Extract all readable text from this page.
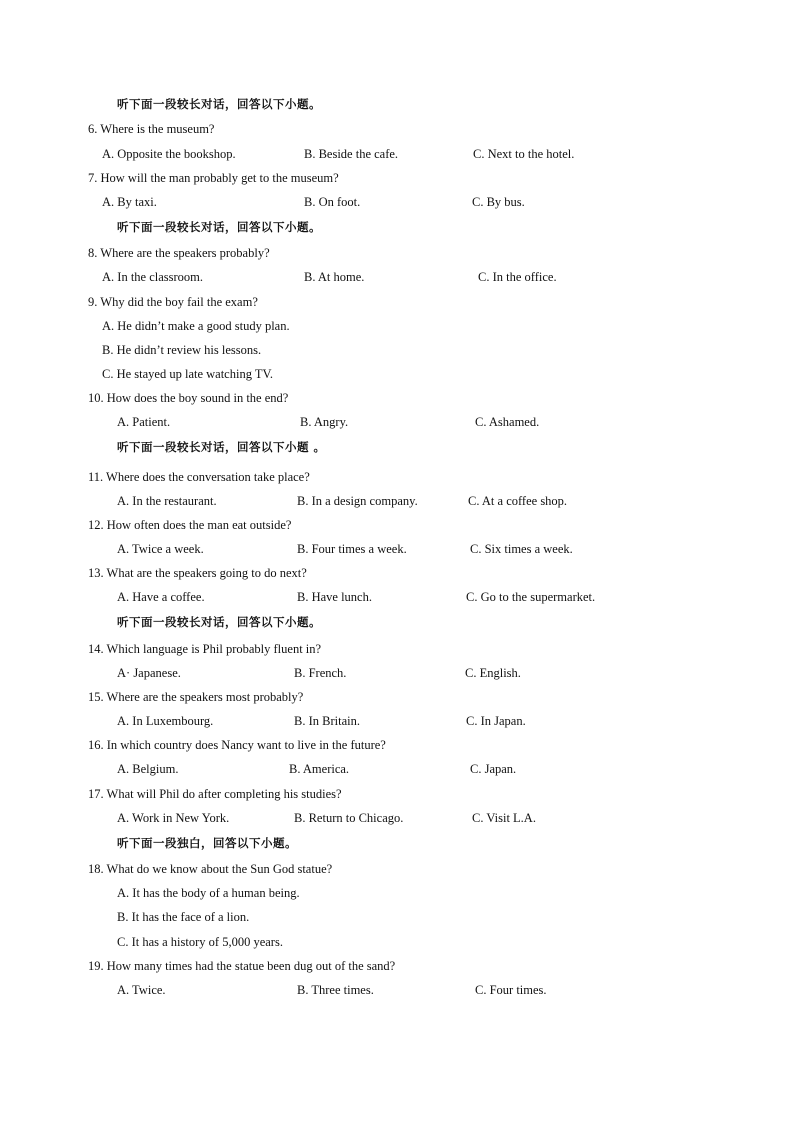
听下面一段较长对话，回答以下小题。
6. Where is the museum?
A. Opposite the bookshop.	B. Beside the cafe.	C. Next to the hotel.
7. How will the man probably get to the museum?
A. By taxi.	B. On foot.	C. By bus.
听下面一段较长对话，回答以下小题。
8. Where are the speakers probably?
A. In the classroom.	B. At home.	C. In the office.
9. Why did the boy fail the exam?
A. He didn’t make a good study plan.
B. He didn’t review his lessons.
C. He stayed up late watching TV.
10. How does the boy sound in the end?
A. Patient.	B. Angry.	C. Ashamed.
听下面一段较长对话，回答以下小题 。
11. Where does the conversation take place?
A. In the restaurant.	B. In a design company.	C. At a coffee shop.
12. How often does the man eat outside?
A. Twice a week.	B. Four times a week.	C. Six times a week.
13. What are the speakers going to do next?
A. Have a coffee.	B. Have lunch.	C. Go to the supermarket.
听下面一段较长对话，回答以下小题。
14. Which language is Phil probably fluent in?
A· Japanese.	B. French.	C. English.
15. Where are the speakers most probably?
A. In Luxembourg.	B. In Britain.	C. In Japan.
16. In which country does Nancy want to live in the future?
A. Belgium.	B. America.	C. Japan.
17. What will Phil do after completing his studies?
A. Work in New York.	B. Return to Chicago.	C. Visit L.A.
听下面一段独白，回答以下小题。
18. What do we know about the Sun God statue?
A. It has the body of a human being.
B. It has the face of a lion.
C. It has a history of 5,000 years.
19. How many times had the statue been dug out of the sand?
A. Twice.	B. Three times.	C. Four times.
